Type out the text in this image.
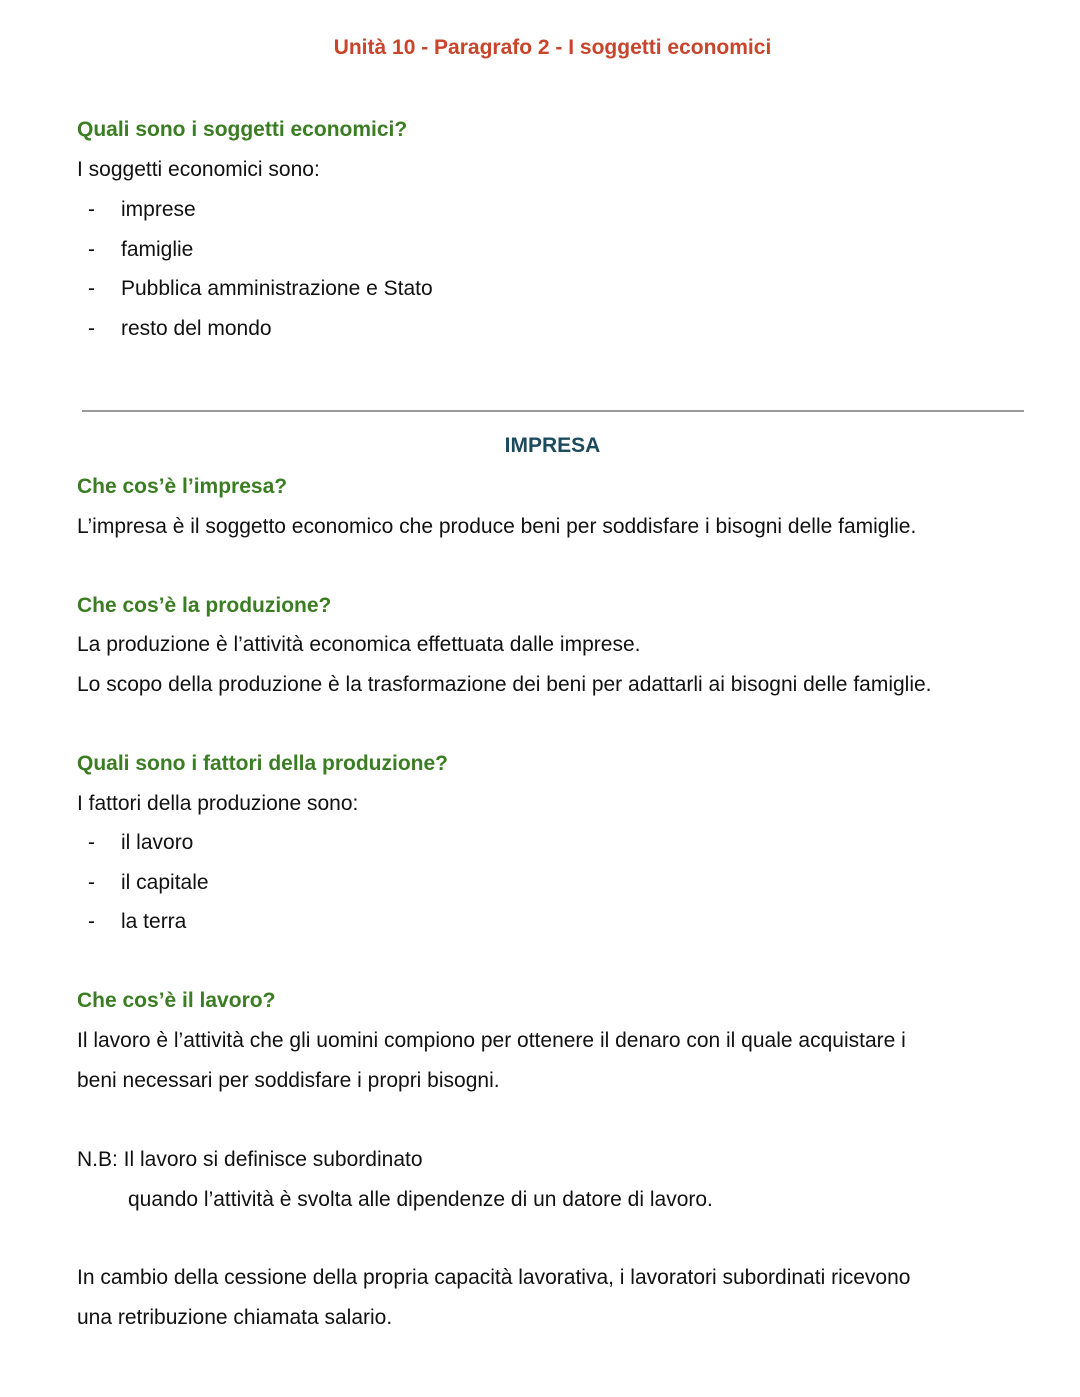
Unità 10 - Paragrafo 2 - I soggetti economici
Quali sono i soggetti economici?
I soggetti economici sono:
- imprese
- famiglie
- Pubblica amministrazione e Stato
- resto del mondo
IMPRESA
Che cos’è l’impresa?
L’impresa è il soggetto economico che produce beni per soddisfare i bisogni delle famiglie.
Che cos’è la produzione?
La produzione è l’attività economica effettuata dalle imprese.
Lo scopo della produzione è la trasformazione dei beni per adattarli ai bisogni delle famiglie.
Quali sono i fattori della produzione?
I fattori della produzione sono:
- il lavoro
- il capitale
- la terra
Che cos’è il lavoro?
Il lavoro è l’attività che gli uomini compiono per ottenere il denaro con il quale acquistare i
beni necessari per soddisfare i propri bisogni.
N.B: Il lavoro si definisce subordinato
quando l’attività è svolta alle dipendenze di un datore di lavoro.
In cambio della cessione della propria capacità lavorativa, i lavoratori subordinati ricevono
una retribuzione chiamata salario.
